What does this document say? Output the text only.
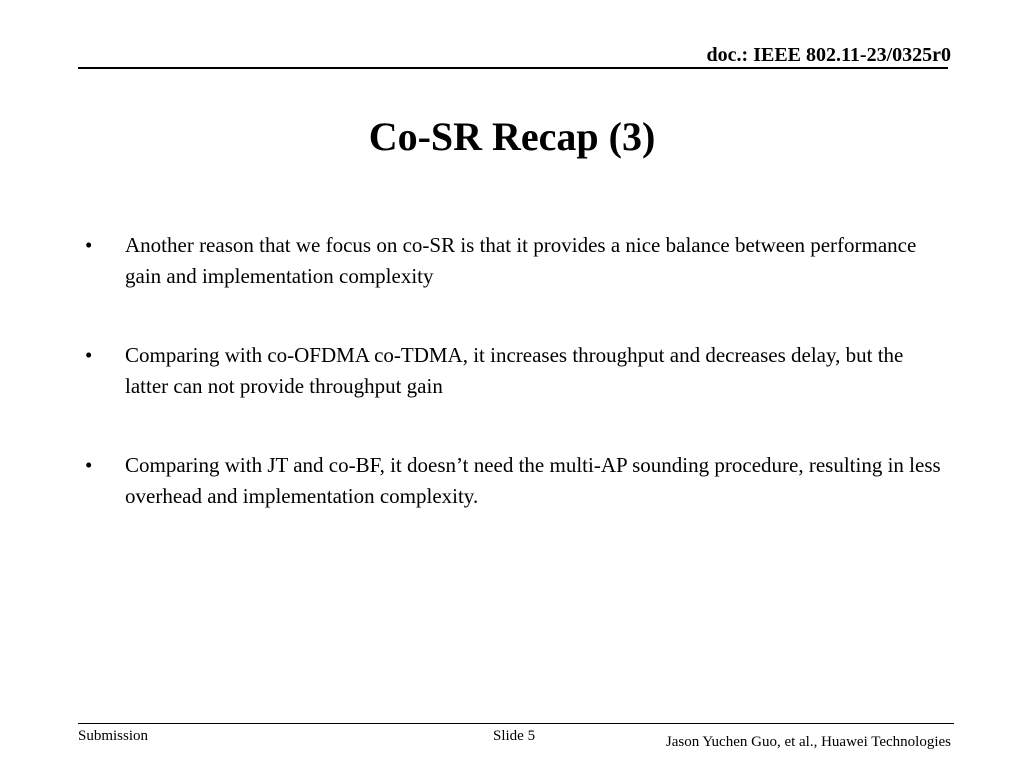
doc.: IEEE 802.11-23/0325r0
Co-SR Recap (3)
•	Another reason that we focus on co-SR is that it provides a nice balance between performance gain and implementation complexity
•	Comparing with co-OFDMA co-TDMA, it increases throughput and decreases delay, but the latter can not provide throughput gain
•	Comparing with JT and co-BF, it doesn’t need the multi-AP sounding procedure, resulting in less overhead and implementation complexity.
Submission	Slide 5	Jason Yuchen Guo, et al., Huawei Technologies
